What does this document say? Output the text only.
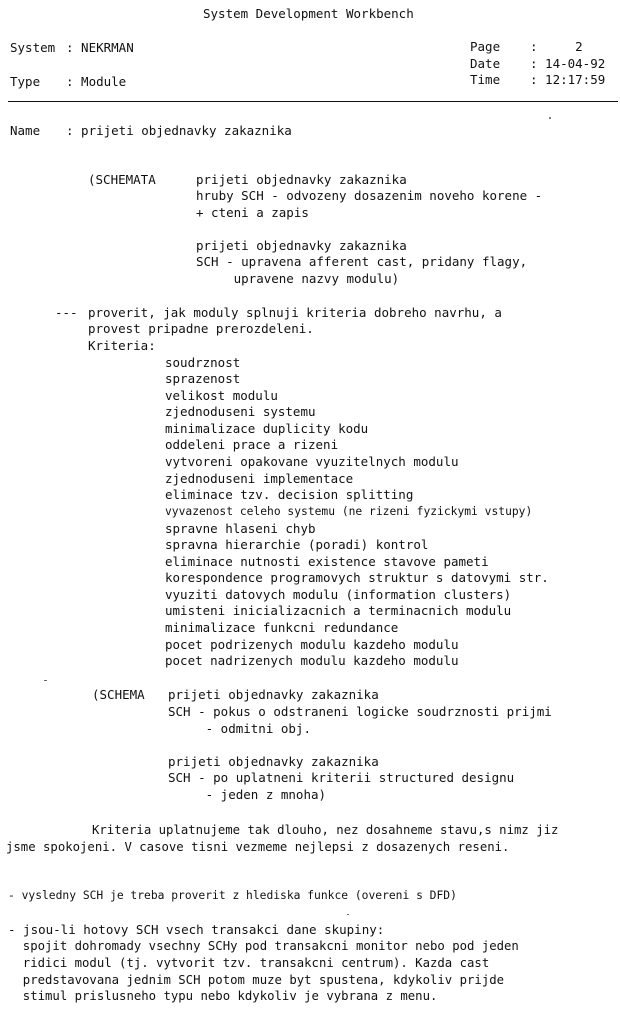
System Development Workbench
System : NEKRMAN
Type : Module
Page :     2
Date : 14-04-92
Time : 12:17:59
Name : prijeti objednavky zakaznika
(SCHEMATA	prijeti objednavky zakaznika
hruby SCH - odvozeny dosazenim noveho korene -
+ cteni a zapis
prijeti objednavky zakaznika
SCH - upravena afferent cast, pridany flagy,
upravene nazvy modulu)
--- proverit, jak moduly splnuji kriteria dobreho navrhu, a
provest pripadne prerozdeleni.
Kriteria:
soudrznost
sprazenost
velikost modulu
zjednoduseni systemu
minimalizace duplicity kodu
oddeleni prace a rizeni
vytvoreni opakovane vyuzitelnych modulu
zjednoduseni implementace
eliminace tzv. decision splitting
vyvazenost celeho systemu (ne rizeni fyzickymi vstupy)
spravne hlaseni chyb
spravna hierarchie (poradi) kontrol
eliminace nutnosti existence stavove pameti
korespondence programovych struktur s datovymi str.
vyuziti datovych modulu (information clusters)
umisteni inicializacnich a terminacnich modulu
minimalizace funkcni redundance
pocet podrizenych modulu kazdeho modulu
pocet nadrizenych modulu kazdeho modulu
(SCHEMA prijeti objednavky zakaznika
SCH - pokus o odstraneni logicke soudrznosti prijmi
- odmitni obj.
prijeti objednavky zakaznika
SCH - po uplatneni kriterii structured designu
- jeden z mnoha)
Kriteria uplatnujeme tak dlouho, nez dosahneme stavu,s nimz jiz
jsme spokojeni. V casove tisni vezmeme nejlepsi z dosazenych reseni.
- vysledny SCH je treba proverit z hlediska funkce (overeni s DFD)
- jsou-li hotovy SCH vsech transakci dane skupiny:
spojit dohromady vsechny SCHy pod transakcni monitor nebo pod jeden
ridici modul (tj. vytvorit tzv. transakcni centrum). Kazda cast
predstavovana jednim SCH potom muze byt spustena, kdykoliv prijde
stimul prislusneho typu nebo kdykoliv je vybrana z menu.
